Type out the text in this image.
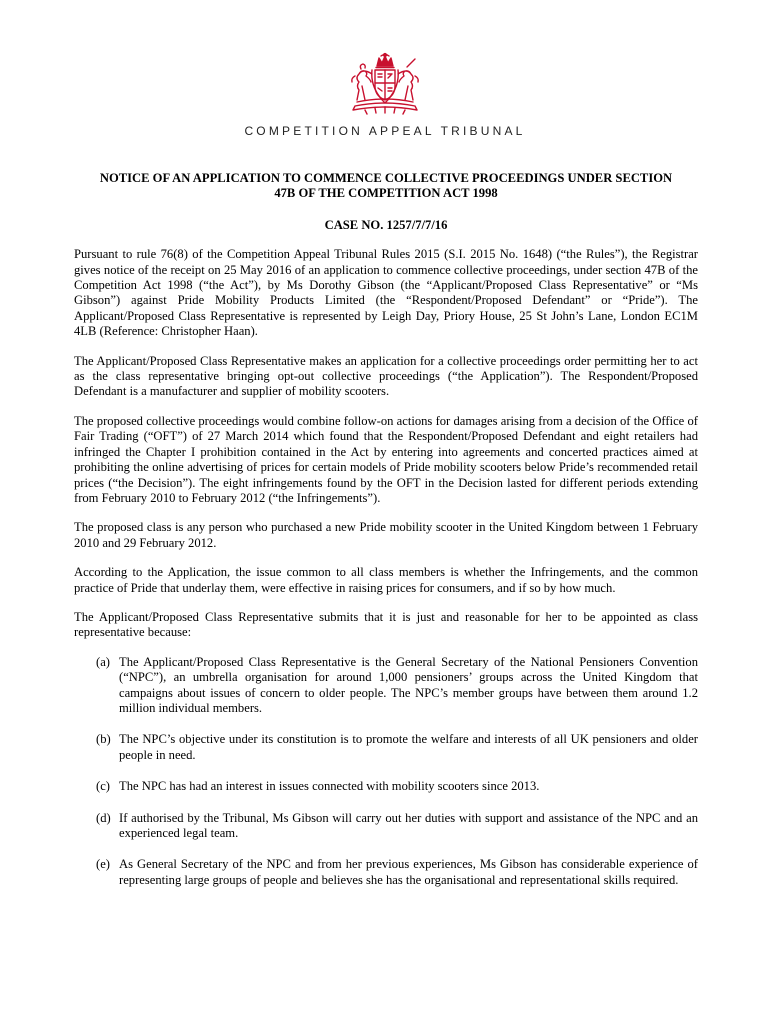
COMPETITION APPEAL TRIBUNAL

NOTICE OF AN APPLICATION TO COMMENCE COLLECTIVE PROCEEDINGS UNDER SECTION 47B OF THE COMPETITION ACT 1998

CASE NO. 1257/7/7/16

Pursuant to rule 76(8) of the Competition Appeal Tribunal Rules 2015 (S.I. 2015 No. 1648) (“the Rules”), the Registrar gives notice of the receipt on 25 May 2016 of an application to commence collective proceedings, under section 47B of the Competition Act 1998 (“the Act”), by Ms Dorothy Gibson (the “Applicant/Proposed Class Representative” or “Ms Gibson”) against Pride Mobility Products Limited (the “Respondent/Proposed Defendant” or “Pride”). The Applicant/Proposed Class Representative is represented by Leigh Day, Priory House, 25 St John’s Lane, London EC1M 4LB (Reference: Christopher Haan).

The Applicant/Proposed Class Representative makes an application for a collective proceedings order permitting her to act as the class representative bringing opt-out collective proceedings (“the Application”). The Respondent/Proposed Defendant is a manufacturer and supplier of mobility scooters.

The proposed collective proceedings would combine follow-on actions for damages arising from a decision of the Office of Fair Trading (“OFT”) of 27 March 2014 which found that the Respondent/Proposed Defendant and eight retailers had infringed the Chapter I prohibition contained in the Act by entering into agreements and concerted practices aimed at prohibiting the online advertising of prices for certain models of Pride mobility scooters below Pride’s recommended retail prices (“the Decision”). The eight infringements found by the OFT in the Decision lasted for different periods extending from February 2010 to February 2012 (“the Infringements”).

The proposed class is any person who purchased a new Pride mobility scooter in the United Kingdom between 1 February 2010 and 29 February 2012.

According to the Application, the issue common to all class members is whether the Infringements, and the common practice of Pride that underlay them, were effective in raising prices for consumers, and if so by how much.

The Applicant/Proposed Class Representative submits that it is just and reasonable for her to be appointed as class representative because:

(a) The Applicant/Proposed Class Representative is the General Secretary of the National Pensioners Convention (“NPC”), an umbrella organisation for around 1,000 pensioners’ groups across the United Kingdom that campaigns about issues of concern to older people. The NPC’s member groups have between them around 1.2 million individual members.
(b) The NPC’s objective under its constitution is to promote the welfare and interests of all UK pensioners and older people in need.
(c) The NPC has had an interest in issues connected with mobility scooters since 2013.
(d) If authorised by the Tribunal, Ms Gibson will carry out her duties with support and assistance of the NPC and an experienced legal team.
(e) As General Secretary of the NPC and from her previous experiences, Ms Gibson has considerable experience of representing large groups of people and believes she has the organisational and representational skills required.
